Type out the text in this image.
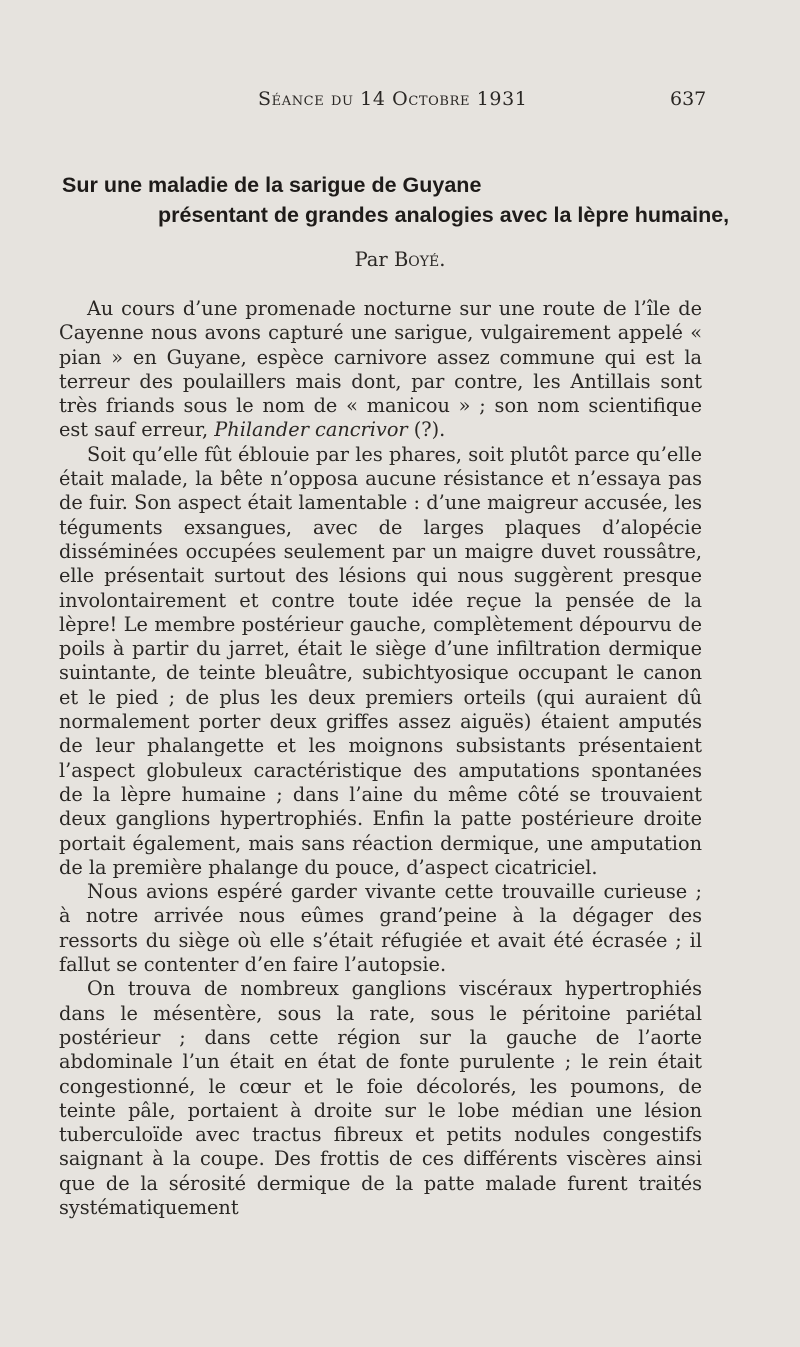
Séance du 14 Octobre 1931	637
Sur une maladie de la sarigue de Guyane
présentant de grandes analogies avec la lèpre humaine,
Par Boyé.

Au cours d’une promenade nocturne sur une route de l’île de Cayenne nous avons capturé une sarigue, vulgairement appelé « pian » en Guyane, espèce carnivore assez commune qui est la terreur des poulaillers mais dont, par contre, les Antillais sont très friands sous le nom de « manicou » ; son nom scientifique est sauf erreur, Philander cancrivor (?).

Soit qu’elle fût éblouie par les phares, soit plutôt parce qu’elle était malade, la bête n’opposa aucune résistance et n’essaya pas de fuir. Son aspect était lamentable : d’une maigreur accusée, les téguments exsangues, avec de larges plaques d’alopécie disséminées occupées seulement par un maigre duvet roussâtre, elle présentait surtout des lésions qui nous suggèrent presque involontairement et contre toute idée reçue la pensée de la lèpre! Le membre postérieur gauche, complètement dépourvu de poils à partir du jarret, était le siège d’une infiltration dermique suintante, de teinte bleuâtre, subichtyosique occupant le canon et le pied ; de plus les deux premiers orteils (qui auraient dû normalement porter deux griffes assez aiguës) étaient amputés de leur phalangette et les moignons subsistants présentaient l’aspect globuleux caractéristique des amputations spontanées de la lèpre humaine ; dans l’aine du même côté se trouvaient deux ganglions hypertrophiés. Enfin la patte postérieure droite portait également, mais sans réaction dermique, une amputation de la première phalange du pouce, d’aspect cicatriciel.

Nous avions espéré garder vivante cette trouvaille curieuse ; à notre arrivée nous eûmes grand’peine à la dégager des ressorts du siège où elle s’était réfugiée et avait été écrasée ; il fallut se contenter d’en faire l’autopsie.

On trouva de nombreux ganglions viscéraux hypertrophiés dans le mésentère, sous la rate, sous le péritoine pariétal postérieur ; dans cette région sur la gauche de l’aorte abdominale l’un était en état de fonte purulente ; le rein était congestionné, le cœur et le foie décolorés, les poumons, de teinte pâle, portaient à droite sur le lobe médian une lésion tuberculoïde avec tractus fibreux et petits nodules congestifs saignant à la coupe. Des frottis de ces différents viscères ainsi que de la sérosité dermique de la patte malade furent traités systématiquement
